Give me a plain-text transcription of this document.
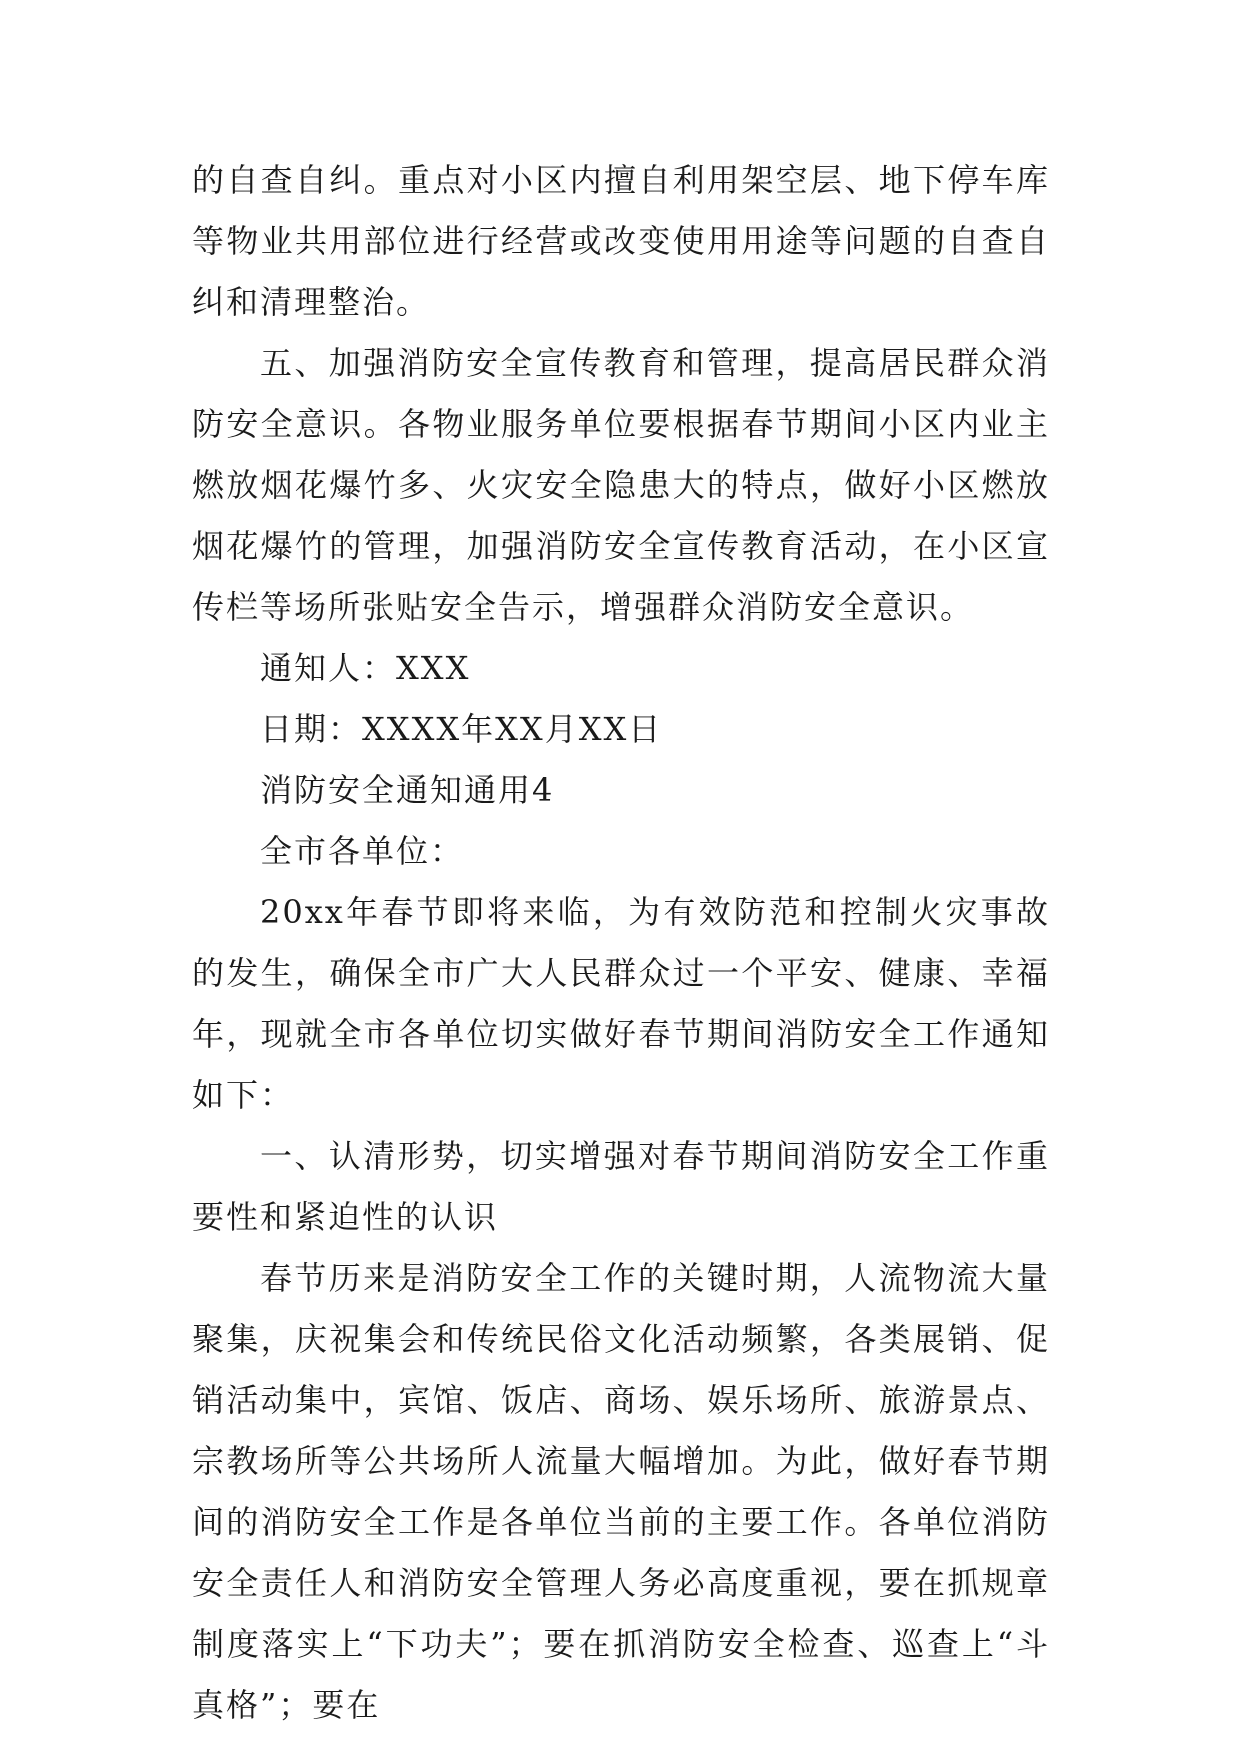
的自查自纠。重点对小区内擅自利用架空层、地下停车库等物业共用部位进行经营或改变使用用途等问题的自查自纠和清理整治。

五、加强消防安全宣传教育和管理，提高居民群众消防安全意识。各物业服务单位要根据春节期间小区内业主燃放烟花爆竹多、火灾安全隐患大的特点，做好小区燃放烟花爆竹的管理，加强消防安全宣传教育活动，在小区宣传栏等场所张贴安全告示，增强群众消防安全意识。

通知人：XXX

日期：XXXX年XX月XX日

消防安全通知通用4

全市各单位：

20xx年春节即将来临，为有效防范和控制火灾事故的发生，确保全市广大人民群众过一个平安、健康、幸福年，现就全市各单位切实做好春节期间消防安全工作通知如下：

一、认清形势，切实增强对春节期间消防安全工作重要性和紧迫性的认识

春节历来是消防安全工作的关键时期，人流物流大量聚集，庆祝集会和传统民俗文化活动频繁，各类展销、促销活动集中，宾馆、饭店、商场、娱乐场所、旅游景点、宗教场所等公共场所人流量大幅增加。为此，做好春节期间的消防安全工作是各单位当前的主要工作。各单位消防安全责任人和消防安全管理人务必高度重视，要在抓规章制度落实上“下功夫”；要在抓消防安全检查、巡查上“斗真格”；要在
